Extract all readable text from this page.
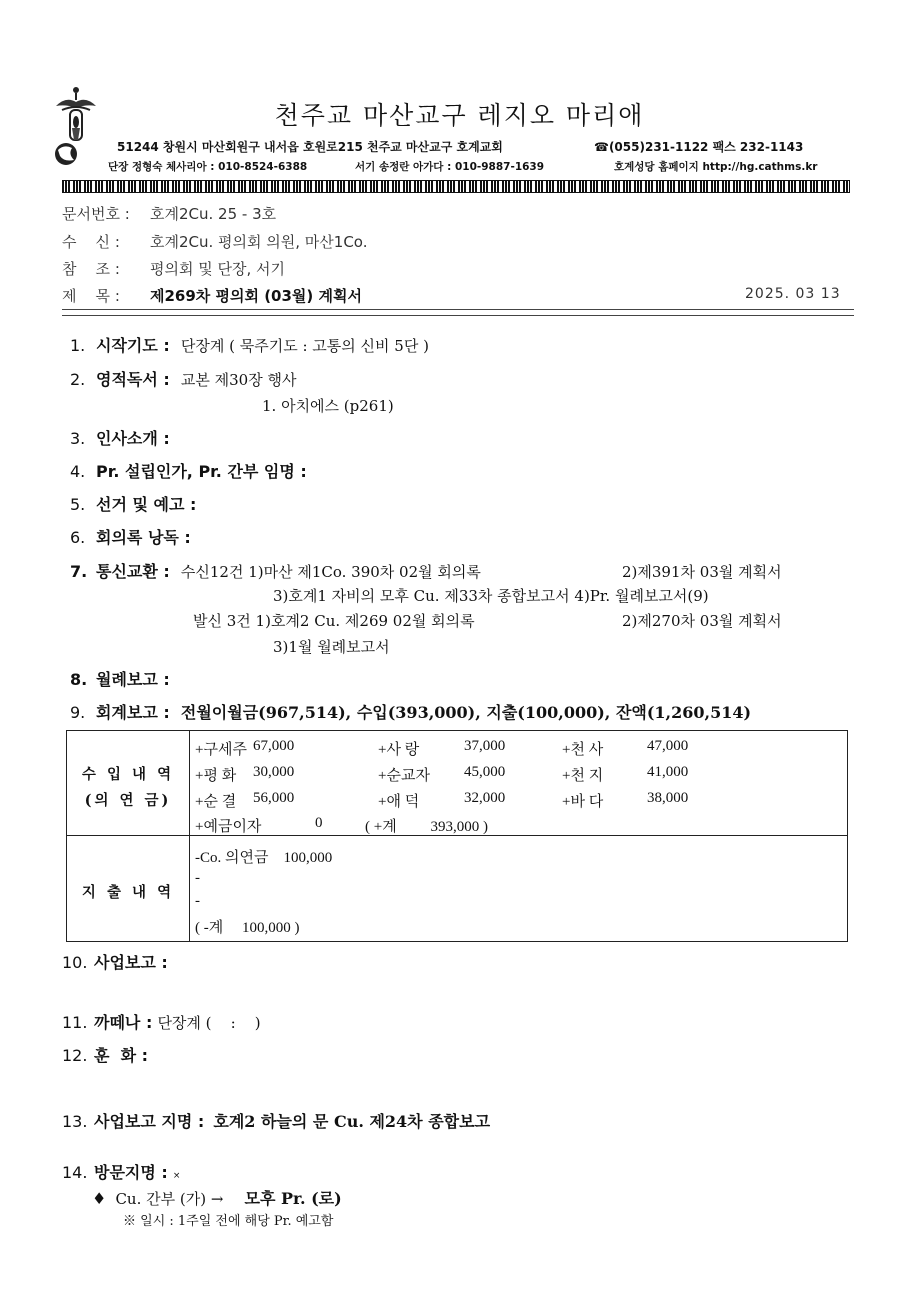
천주교 마산교구 레지오 마리애
51244 창원시 마산회원구 내서읍 호원로215 천주교 마산교구 호계교회	☎(055)231-1122 팩스 232-1143
단장 정형숙 체사리아 : 010-8524-6388	서기 송정란 아가다 : 010-9887-1639	호계성당 홈페이지 http://hg.cathms.kr
문서번호 : 호계2Cu. 25 - 3호
수    신 : 호계2Cu. 평의회 의원, 마산1Co.
참    조 : 평의회 및 단장, 서기
제    목 : 제269차 평의회 (03월) 계획서	2025. 03 13
1. 시작기도 : 단장계 ( 묵주기도 : 고통의 신비 5단 )
2. 영적독서 : 교본 제30장 행사
1. 아치에스 (p261)
3. 인사소개 :
4. Pr. 설립인가, Pr. 간부 임명 :
5. 선거 및 예고 :
6. 회의록 낭독 :
7. 통신교환 : 수신12건 1)마산 제1Co. 390차 02월 회의록	2)제391차 03월 계획서
3)호계1 자비의 모후 Cu. 제33차 종합보고서 4)Pr. 월례보고서(9)
발신 3건 1)호계2 Cu. 제269 02월 회의록	2)제270차 03월 계획서
3)1월 월례보고서
8. 월례보고 :
9. 회계보고 : 전월이월금(967,514), 수입(393,000), 지출(100,000), 잔액(1,260,514)
수 입 내 역
(의 연 금)
+구세주 67,000	+사 랑	37,000	+천 사	47,000
+평 화 30,000	+순교자 45,000	+천 지	41,000
+순 결 56,000	+애 덕	32,000	+바 다	38,000
+예금이자	0	( +계         393,000 )
지 출 내 역
-Co. 의연금    100,000
-
-
( -계     100,000 )
10. 사업보고 :
11. 까떼나 : 단장계 (    :    )
12. 훈  화 :
13. 사업보고 지명 : 호계2 하늘의 문 Cu. 제24차 종합보고
14. 방문지명 : ×
♦ Cu. 간부 (가) → 모후 Pr. (로)
※ 일시 : 1주일 전에 해당 Pr. 예고함
